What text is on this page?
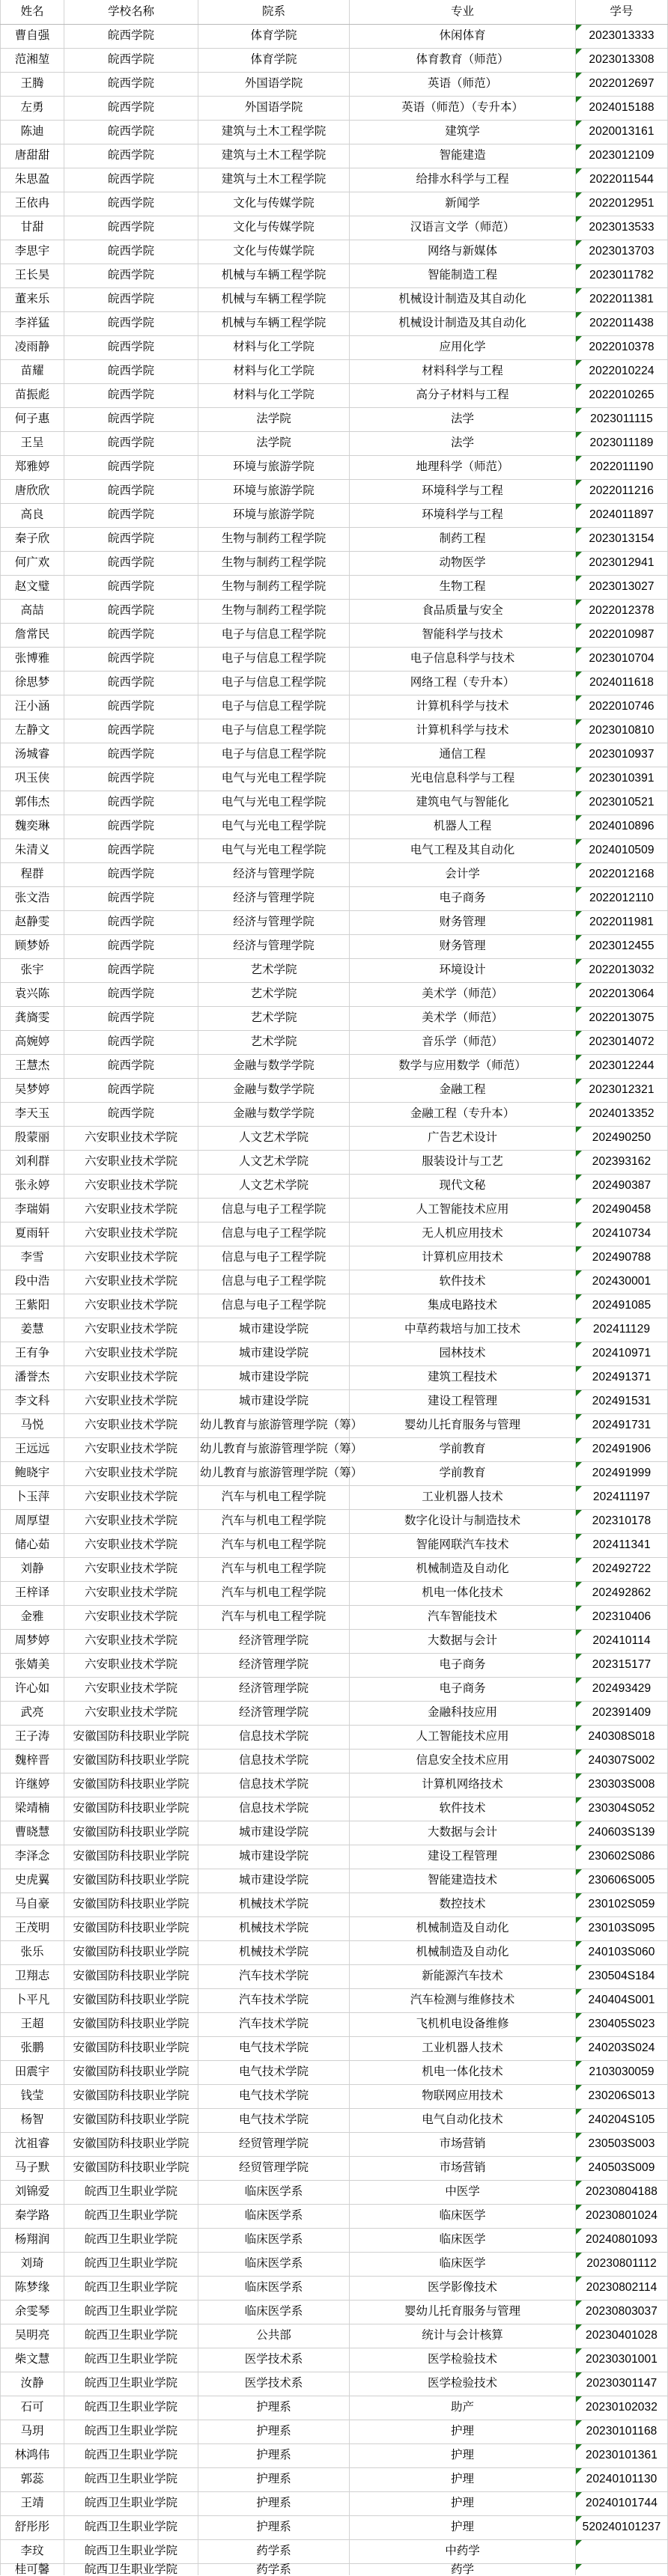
姓名	学校名称	院系	专业	学号
曹自强	皖西学院	体育学院	休闲体育	2023013333
范湘堃	皖西学院	体育学院	体育教育（师范）	2023013308
王腾	皖西学院	外国语学院	英语（师范）	2022012697
左勇	皖西学院	外国语学院	英语（师范）（专升本）	2024015188
陈迪	皖西学院	建筑与土木工程学院	建筑学	2020013161
唐甜甜	皖西学院	建筑与土木工程学院	智能建造	2023012109
朱思盈	皖西学院	建筑与土木工程学院	给排水科学与工程	2022011544
王依冉	皖西学院	文化与传媒学院	新闻学	2022012951
甘甜	皖西学院	文化与传媒学院	汉语言文学（师范）	2023013533
李思宇	皖西学院	文化与传媒学院	网络与新媒体	2023013703
王长昊	皖西学院	机械与车辆工程学院	智能制造工程	2023011782
董来乐	皖西学院	机械与车辆工程学院	机械设计制造及其自动化	2022011381
李祥猛	皖西学院	机械与车辆工程学院	机械设计制造及其自动化	2022011438
凌雨静	皖西学院	材料与化工学院	应用化学	2022010378
苗耀	皖西学院	材料与化工学院	材料科学与工程	2022010224
苗振彪	皖西学院	材料与化工学院	高分子材料与工程	2022010265
何子惠	皖西学院	法学院	法学	2023011115
王呈	皖西学院	法学院	法学	2023011189
郑雅婷	皖西学院	环境与旅游学院	地理科学（师范）	2022011190
唐欣欣	皖西学院	环境与旅游学院	环境科学与工程	2022011216
高良	皖西学院	环境与旅游学院	环境科学与工程	2024011897
秦子欣	皖西学院	生物与制药工程学院	制药工程	2023013154
何广欢	皖西学院	生物与制药工程学院	动物医学	2023012941
赵文璧	皖西学院	生物与制药工程学院	生物工程	2023013027
高喆	皖西学院	生物与制药工程学院	食品质量与安全	2022012378
詹常民	皖西学院	电子与信息工程学院	智能科学与技术	2022010987
张博雅	皖西学院	电子与信息工程学院	电子信息科学与技术	2023010704
徐思梦	皖西学院	电子与信息工程学院	网络工程（专升本）	2024011618
汪小涵	皖西学院	电子与信息工程学院	计算机科学与技术	2022010746
左静文	皖西学院	电子与信息工程学院	计算机科学与技术	2023010810
汤城睿	皖西学院	电子与信息工程学院	通信工程	2023010937
巩玉侠	皖西学院	电气与光电工程学院	光电信息科学与工程	2023010391
郭伟杰	皖西学院	电气与光电工程学院	建筑电气与智能化	2023010521
魏奕琳	皖西学院	电气与光电工程学院	机器人工程	2024010896
朱清义	皖西学院	电气与光电工程学院	电气工程及其自动化	2024010509
程群	皖西学院	经济与管理学院	会计学	2022012168
张文浩	皖西学院	经济与管理学院	电子商务	2022012110
赵静雯	皖西学院	经济与管理学院	财务管理	2022011981
顾梦娇	皖西学院	经济与管理学院	财务管理	2023012455
张宇	皖西学院	艺术学院	环境设计	2022013032
袁兴陈	皖西学院	艺术学院	美术学（师范）	2022013064
龚旖雯	皖西学院	艺术学院	美术学（师范）	2022013075
高婉婷	皖西学院	艺术学院	音乐学（师范）	2023014072
王慧杰	皖西学院	金融与数学学院	数学与应用数学（师范）	2023012244
吴梦婷	皖西学院	金融与数学学院	金融工程	2023012321
李天玉	皖西学院	金融与数学学院	金融工程（专升本）	2024013352
殷蒙丽	六安职业技术学院	人文艺术学院	广告艺术设计	202490250
刘利群	六安职业技术学院	人文艺术学院	服装设计与工艺	202393162
张永婷	六安职业技术学院	人文艺术学院	现代文秘	202490387
李瑞娟	六安职业技术学院	信息与电子工程学院	人工智能技术应用	202490458
夏雨轩	六安职业技术学院	信息与电子工程学院	无人机应用技术	202410734
李雪	六安职业技术学院	信息与电子工程学院	计算机应用技术	202490788
段中浩	六安职业技术学院	信息与电子工程学院	软件技术	202430001
王紫阳	六安职业技术学院	信息与电子工程学院	集成电路技术	202491085
姜慧	六安职业技术学院	城市建设学院	中草药栽培与加工技术	202411129
王有争	六安职业技术学院	城市建设学院	园林技术	202410971
潘誉杰	六安职业技术学院	城市建设学院	建筑工程技术	202491371
李文科	六安职业技术学院	城市建设学院	建设工程管理	202491531
马悦	六安职业技术学院	幼儿教育与旅游管理学院（筹）	婴幼儿托育服务与管理	202491731
王远远	六安职业技术学院	幼儿教育与旅游管理学院（筹）	学前教育	202491906
鲍晓宇	六安职业技术学院	幼儿教育与旅游管理学院（筹）	学前教育	202491999
卜玉萍	六安职业技术学院	汽车与机电工程学院	工业机器人技术	202411197
周厚望	六安职业技术学院	汽车与机电工程学院	数字化设计与制造技术	202310178
储心茹	六安职业技术学院	汽车与机电工程学院	智能网联汽车技术	202411341
刘静	六安职业技术学院	汽车与机电工程学院	机械制造及自动化	202492722
王梓译	六安职业技术学院	汽车与机电工程学院	机电一体化技术	202492862
金雅	六安职业技术学院	汽车与机电工程学院	汽车智能技术	202310406
周梦婷	六安职业技术学院	经济管理学院	大数据与会计	202410114
张婧美	六安职业技术学院	经济管理学院	电子商务	202315177
许心如	六安职业技术学院	经济管理学院	电子商务	202493429
武亮	六安职业技术学院	经济管理学院	金融科技应用	202391409
王子涛	安徽国防科技职业学院	信息技术学院	人工智能技术应用	240308S018
魏梓晋	安徽国防科技职业学院	信息技术学院	信息安全技术应用	240307S002
许继婷	安徽国防科技职业学院	信息技术学院	计算机网络技术	230303S008
梁靖楠	安徽国防科技职业学院	信息技术学院	软件技术	230304S052
曹晓慧	安徽国防科技职业学院	城市建设学院	大数据与会计	240603S139
李泽念	安徽国防科技职业学院	城市建设学院	建设工程管理	230602S086
史虎翼	安徽国防科技职业学院	城市建设学院	智能建造技术	230606S005
马自豪	安徽国防科技职业学院	机械技术学院	数控技术	230102S059
王茂明	安徽国防科技职业学院	机械技术学院	机械制造及自动化	230103S095
张乐	安徽国防科技职业学院	机械技术学院	机械制造及自动化	240103S060
卫翔志	安徽国防科技职业学院	汽车技术学院	新能源汽车技术	230504S184
卜平凡	安徽国防科技职业学院	汽车技术学院	汽车检测与维修技术	240404S001
王超	安徽国防科技职业学院	汽车技术学院	飞机机电设备维修	230405S023
张鹏	安徽国防科技职业学院	电气技术学院	工业机器人技术	240203S024
田震宇	安徽国防科技职业学院	电气技术学院	机电一体化技术	2103030059
钱莹	安徽国防科技职业学院	电气技术学院	物联网应用技术	230206S013
杨智	安徽国防科技职业学院	电气技术学院	电气自动化技术	240204S105
沈祖睿	安徽国防科技职业学院	经贸管理学院	市场营销	230503S003
马子默	安徽国防科技职业学院	经贸管理学院	市场营销	240503S009
刘锦爱	皖西卫生职业学院	临床医学系	中医学	20230804188
秦学路	皖西卫生职业学院	临床医学系	临床医学	20230801024
杨翔润	皖西卫生职业学院	临床医学系	临床医学	20240801093
刘琦	皖西卫生职业学院	临床医学系	临床医学	20230801112
陈梦缘	皖西卫生职业学院	临床医学系	医学影像技术	20230802114
余雯琴	皖西卫生职业学院	临床医学系	婴幼儿托育服务与管理	20230803037
吴明亮	皖西卫生职业学院	公共部	统计与会计核算	20230401028
柴文慧	皖西卫生职业学院	医学技术系	医学检验技术	20230301001
汝静	皖西卫生职业学院	医学技术系	医学检验技术	20230301147
石可	皖西卫生职业学院	护理系	助产	20230102032
马玥	皖西卫生职业学院	护理系	护理	20230101168
林鸿伟	皖西卫生职业学院	护理系	护理	20230101361
郭蕊	皖西卫生职业学院	护理系	护理	20240101130
王靖	皖西卫生职业学院	护理系	护理	20240101744
舒彤彤	皖西卫生职业学院	护理系	护理	520240101237
李玟	皖西卫生职业学院	药学系	中药学	
桂可馨	皖西卫生职业学院	药学系	药学	
